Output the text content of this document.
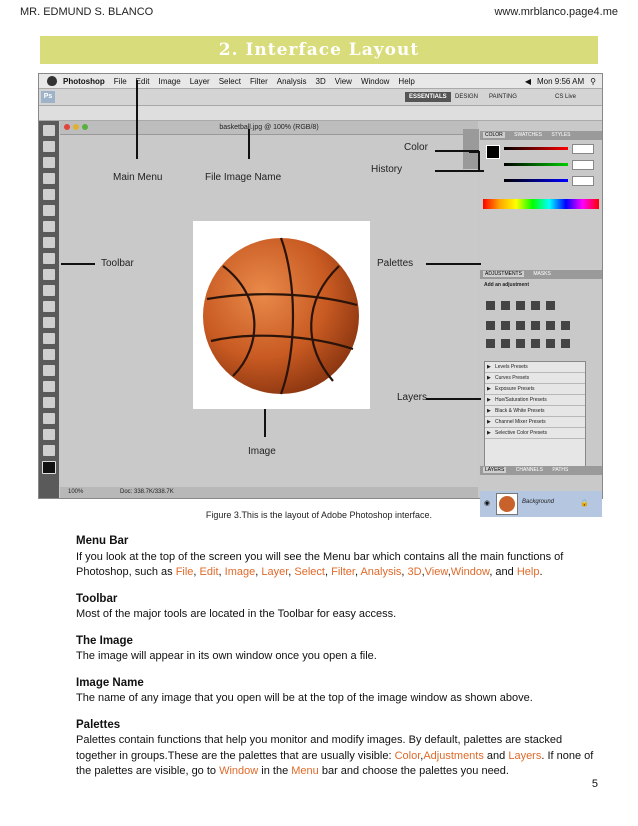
MR. EDMUND S. BLANCO	www.mrblanco.page4.me
2. Interface Layout
Photoshop File Edit Image Layer Select Filter Analysis 3D View Window Help	◀ Mon 9:56 AM ⚲
Ps	ESSENTIALS	DESIGN	PAINTING	CS Live
basketball.jpg @ 100% (RGB/8)
100%	Doc: 338.7K/338.7K
COLOR SWATCHES STYLES
ADJUSTMENTS MASKS
Add an adjustment
▶ Levels Presets
▶ Curves Presets
▶ Exposure Presets
▶ Hue/Saturation Presets
▶ Black & White Presets
▶ Channel Mixer Presets
▶ Selective Color Presets
LAYERS CHANNELS PATHS
◉	Background	🔒
Main Menu	File Image Name
Color
History
Toolbar	Palettes
Layers
Image
Figure 3.This is the layout of Adobe Photoshop interface.
Menu Bar

If you look at the top of the screen you will see the Menu bar which contains all the main functions of Photoshop, such as File, Edit, Image, Layer, Select, Filter, Analysis, 3D,View,Window, and Help.

Toolbar

Most of the major tools are located in the Toolbar for easy access.

The Image

The image will appear in its own window once you open a file.

Image Name

The name of any image that you open will be at the top of the image window as shown above.

Palettes

Palettes contain functions that help you monitor and modify images. By default, palettes are stacked together in groups.These are the palettes that are usually visible: Color,Adjustments and Layers. If none of the palettes are visible, go to Window in the Menu bar and choose the palettes you need.

5
